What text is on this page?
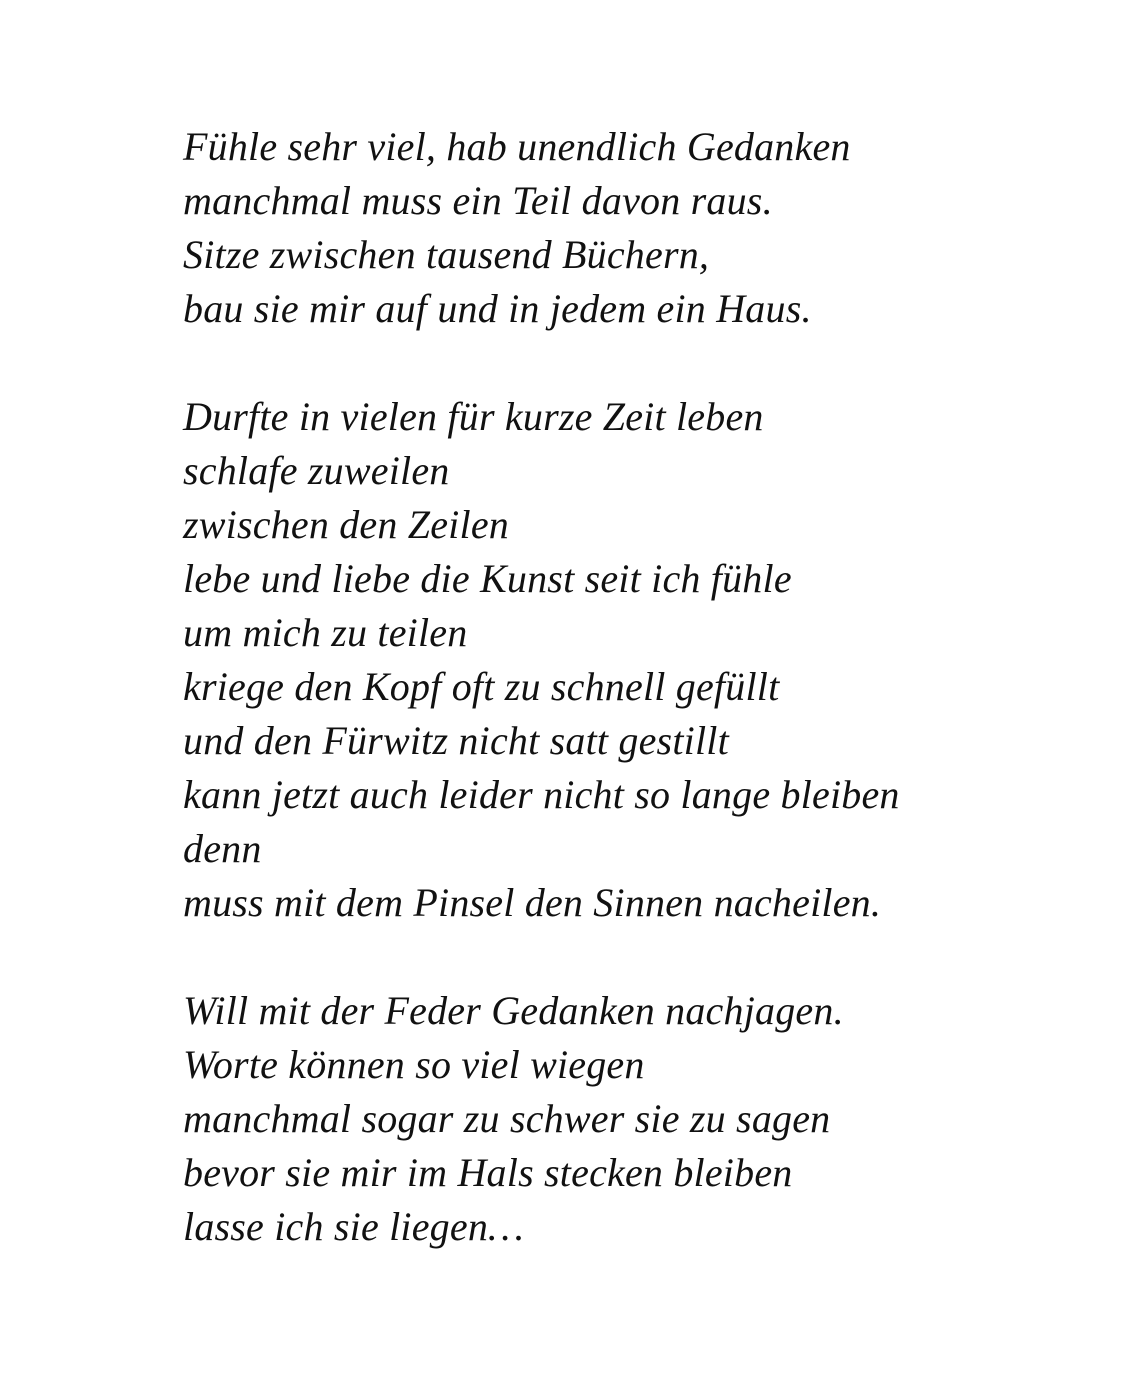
Fühle sehr viel, hab unendlich Gedanken
manchmal muss ein Teil davon raus.
Sitze zwischen tausend Büchern,
bau sie mir auf und in jedem ein Haus.

Durfte in vielen für kurze Zeit leben
schlafe zuweilen
zwischen den Zeilen
lebe und liebe die Kunst seit ich fühle
um mich zu teilen
kriege den Kopf oft zu schnell gefüllt
und den Fürwitz nicht satt gestillt
kann jetzt auch leider nicht so lange bleiben
denn
muss mit dem Pinsel den Sinnen nacheilen.

Will mit der Feder Gedanken nachjagen.
Worte können so viel wiegen
manchmal sogar zu schwer sie zu sagen
bevor sie mir im Hals stecken bleiben
lasse ich sie liegen…
